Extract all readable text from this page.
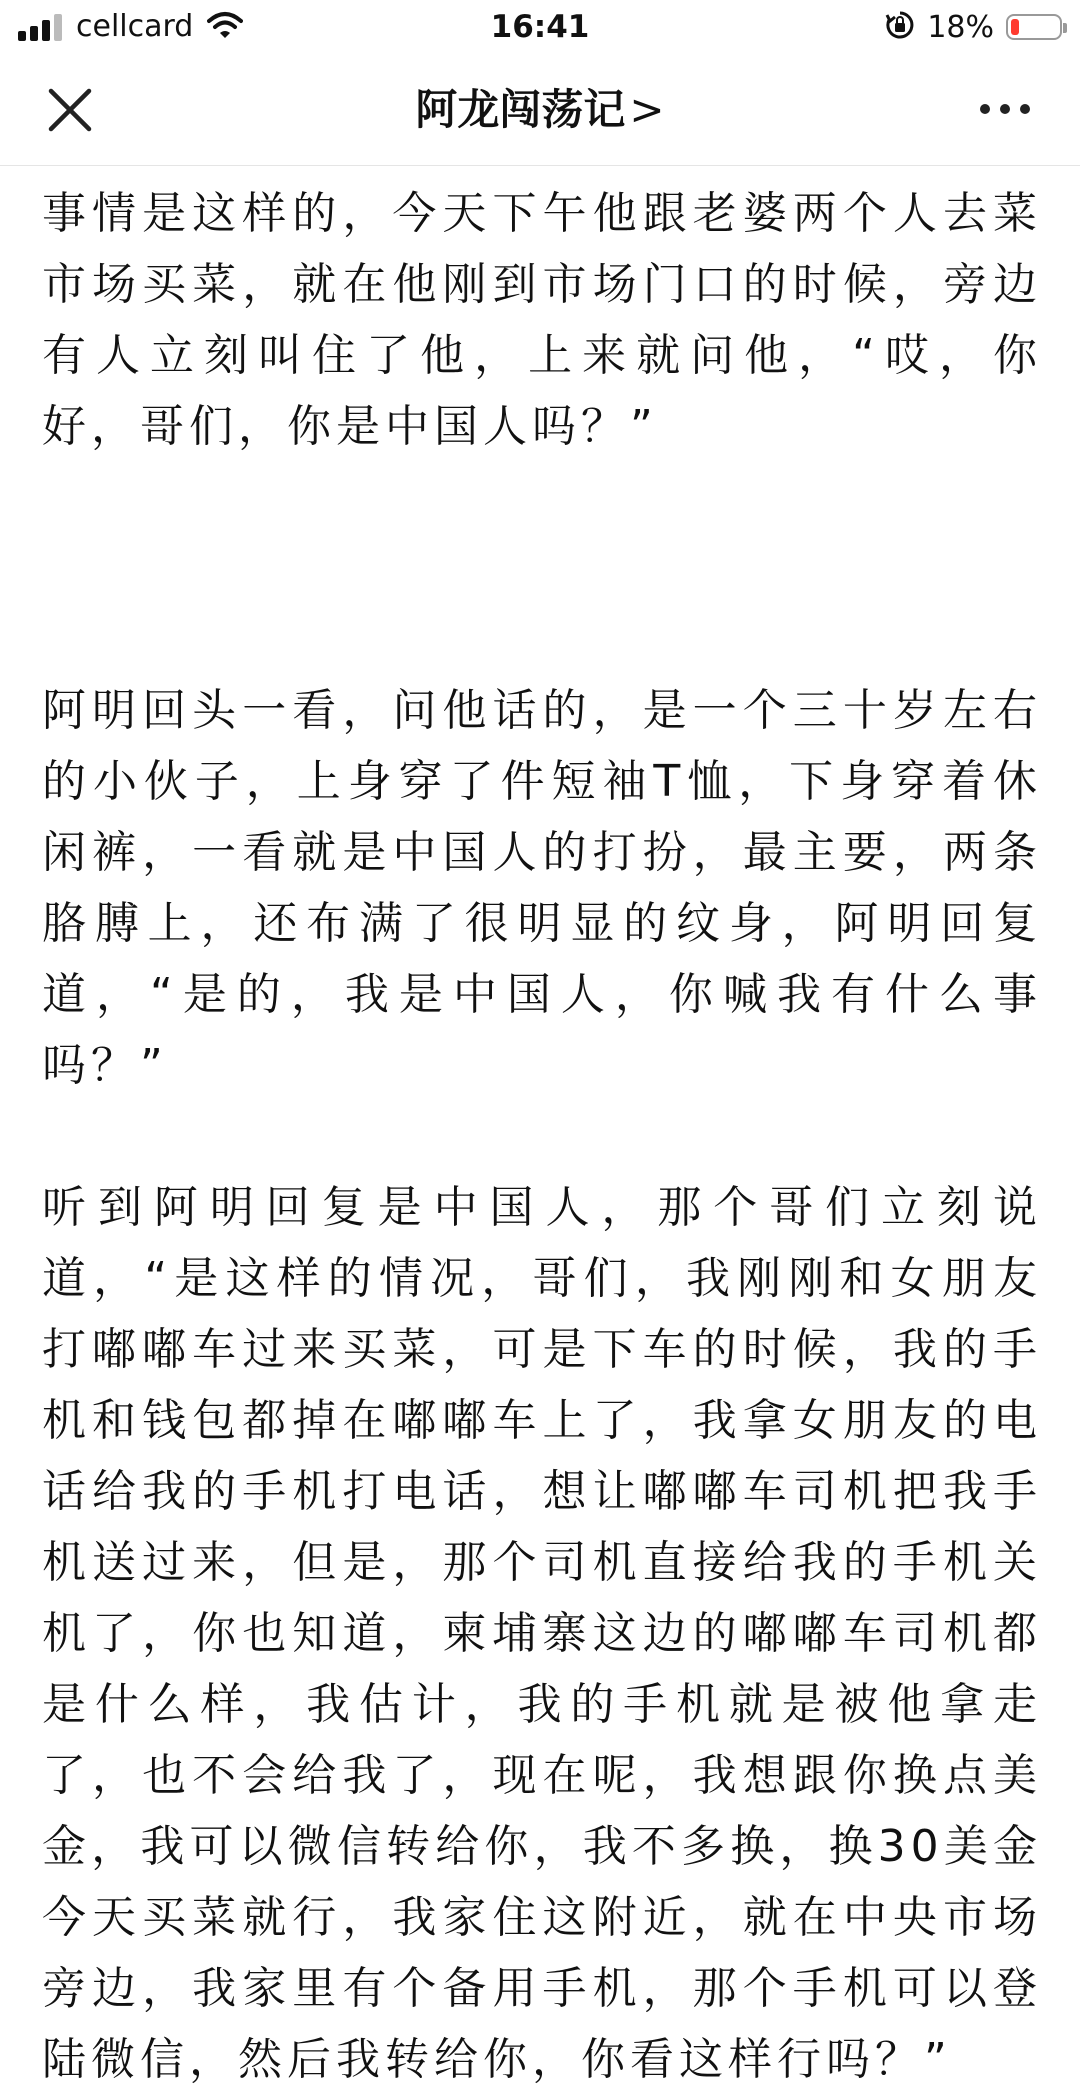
cellcard	16:41	18%
阿龙闯荡记>

事情是这样的，今天下午他跟老婆两个人去菜市场买菜，就在他刚到市场门口的时候，旁边有人立刻叫住了他，上来就问他，“哎，你好，哥们，你是中国人吗？”

阿明回头一看，问他话的，是一个三十岁左右的小伙子，上身穿了件短袖T恤，下身穿着休闲裤，一看就是中国人的打扮，最主要，两条胳膊上，还布满了很明显的纹身，阿明回复道，“是的，我是中国人，你喊我有什么事吗？”

听到阿明回复是中国人，那个哥们立刻说道，“是这样的情况，哥们，我刚刚和女朋友打嘟嘟车过来买菜，可是下车的时候，我的手机和钱包都掉在嘟嘟车上了，我拿女朋友的电话给我的手机打电话，想让嘟嘟车司机把我手机送过来，但是，那个司机直接给我的手机关机了，你也知道，柬埔寨这边的嘟嘟车司机都是什么样，我估计，我的手机就是被他拿走了，也不会给我了，现在呢，我想跟你换点美金，我可以微信转给你，我不多换，换30美金今天买菜就行，我家住这附近，就在中央市场旁边，我家里有个备用手机，那个手机可以登陆微信，然后我转给你，你看这样行吗？”
